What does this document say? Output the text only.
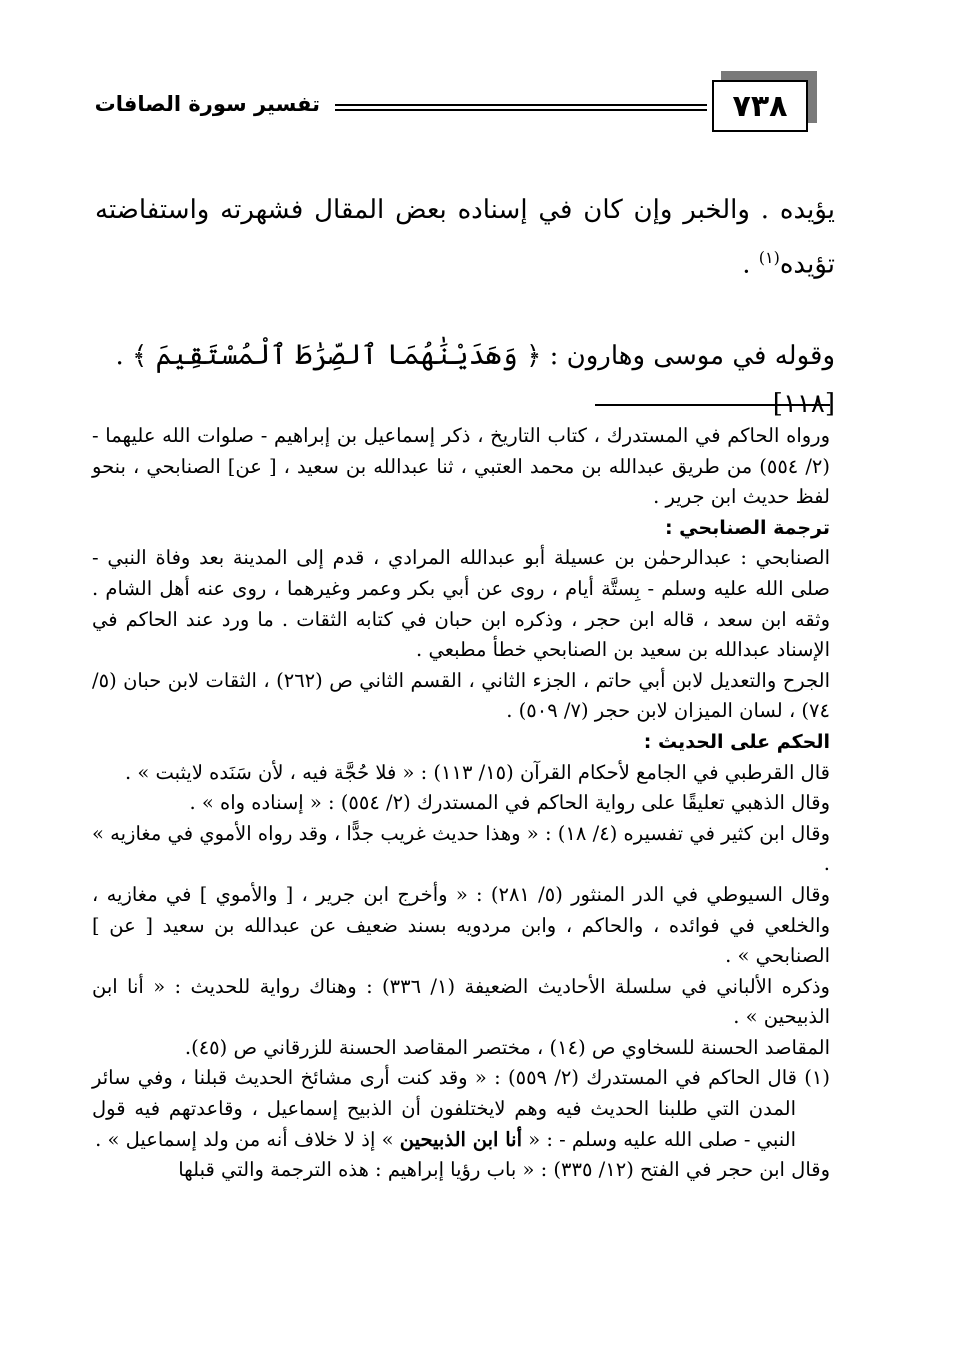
٧٣٨
تفسير سورة الصافات

يؤيده . والخبر وإن كان في إسناده بعض المقال فشهرته واستفاضته تؤيده$^{(١)}$ .

وقوله في موسى وهارون : ﴿ وَهَدَيْنَٰهُمَا ٱلصِّرَٰطَ ٱلْمُسْتَقِيمَ ﴾ .

[١١٨]

ورواه الحاكم في المستدرك ، كتاب التاريخ ، ذكر إسماعيل بن إبراهيم - صلوات الله عليهما - (٢/ ٥٥٤) من طريق عبدالله بن محمد العتبي ، ثنا عبدالله بن سعيد ، [ عن] الصنابحي ، بنحو لفظ حديث ابن جرير .

ترجمة الصنابحي :

الصنابحي : عبدالرحمٰن بن عسيلة أبو عبدالله المرادي ، قدم إلى المدينة بعد وفاة النبي - صلى الله عليه وسلم - بِستَّة أيام ، روى عن أبي بكر وعمر وغيرهما ، روى عنه أهل الشام . وثقه ابن سعد ، قاله ابن حجر ، وذكره ابن حبان في كتابه الثقات . ما ورد عند الحاكم في الإسناد عبدالله بن سعيد بن الصنابحي خطأ مطبعي .

الجرح والتعديل لابن أبي حاتم ، الجزء الثاني ، القسم الثاني ص (٢٦٢) ، الثقات لابن حبان (٥/ ٧٤) ، لسان الميزان لابن حجر (٧/ ٥٠٩) .

الحكم على الحديث :

قال القرطبي في الجامع لأحكام القرآن (١٥/ ١١٣) : « فلا حُجَّة فيه ، لأن سَنَده لايثبت » .

وقال الذهبي تعليقًا على رواية الحاكم في المستدرك (٢/ ٥٥٤) : « إسناده واه » .

وقال ابن كثير في تفسيره (٤/ ١٨) : « وهذا حديث غريب جدًّا ، وقد رواه الأموي في مغازيه » .

وقال السيوطي في الدر المنثور (٥/ ٢٨١) : « وأخرج ابن جرير ، [ والأموي ] في مغازيه ، والخلعي في فوائده ، والحاكم ، وابن مردويه بسند ضعيف عن عبدالله بن سعيد [ عن ] الصنابحي » .

وذكره الألباني في سلسلة الأحاديث الضعيفة (١/ ٣٣٦) : وهناك رواية للحديث : « أنا ابن الذبيحين » .

المقاصد الحسنة للسخاوي ص (١٤) ، مختصر المقاصد الحسنة للزرقاني ص (٤٥).

(١) قال الحاكم في المستدرك (٢/ ٥٥٩) : « وقد كنت أرى مشائخ الحديث قبلنا ، وفي سائر المدن التي طلبنا الحديث فيه وهم لايختلفون أن الذبيح إسماعيل ، وقاعدتهم فيه قول النبي - صلى الله عليه وسلم - : « أنا ابن الذبيحين » إذ لا خلاف أنه من ولد إسماعيل » .

وقال ابن حجر في الفتح (١٢/ ٣٣٥) : « باب رؤيا إبراهيم : هذه الترجمة والتي قبلها
